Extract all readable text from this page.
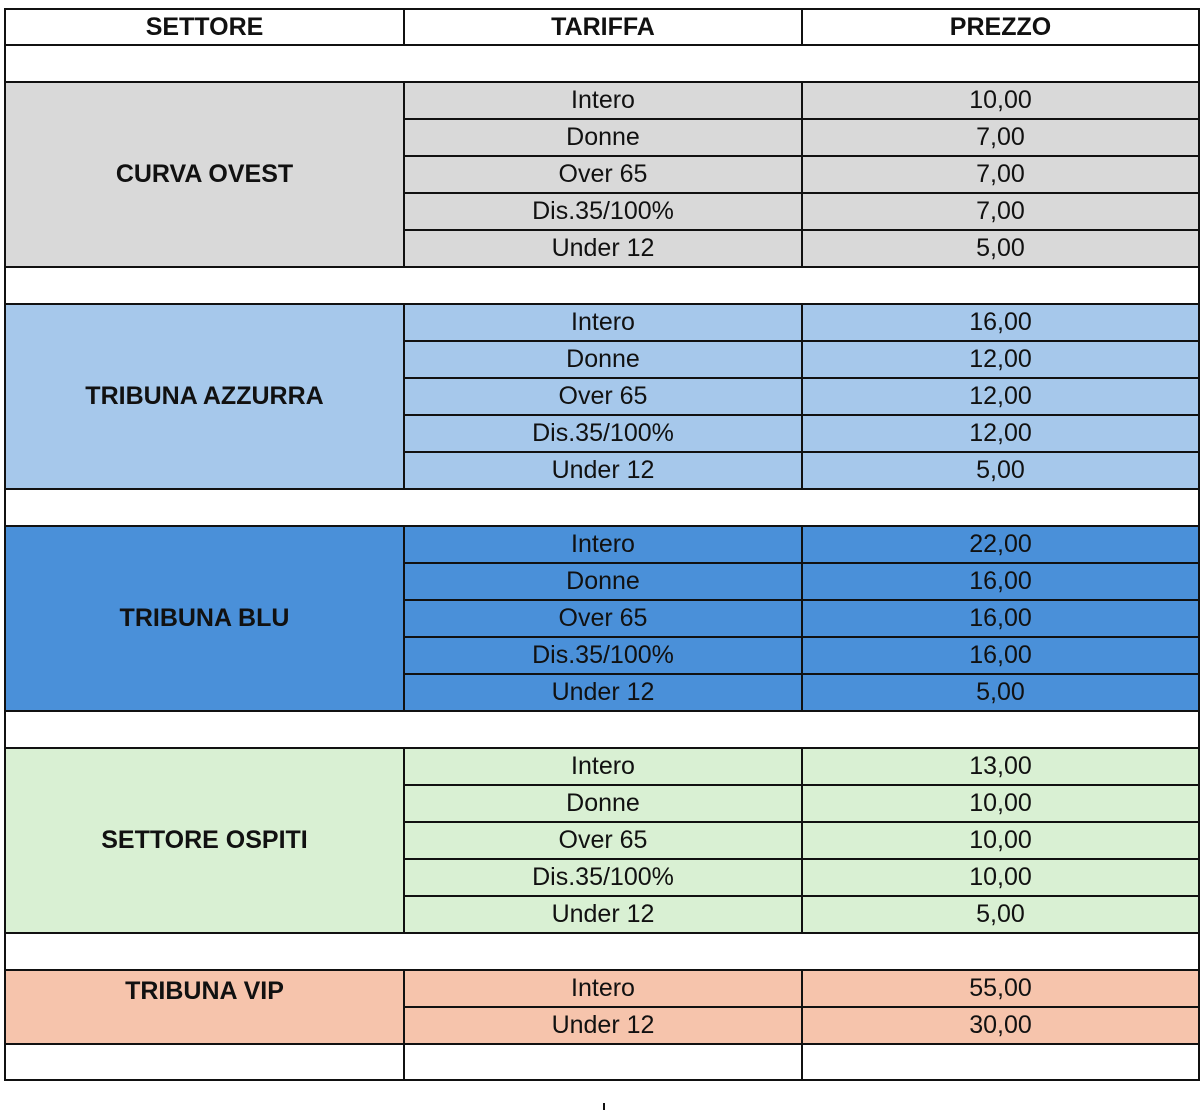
SETTORE	TARIFFA	PREZZO

CURVA OVEST	Intero	10,00
	Donne	7,00
	Over 65	7,00
	Dis.35/100%	7,00
	Under 12	5,00

TRIBUNA AZZURRA	Intero	16,00
	Donne	12,00
	Over 65	12,00
	Dis.35/100%	12,00
	Under 12	5,00

TRIBUNA BLU	Intero	22,00
	Donne	16,00
	Over 65	16,00
	Dis.35/100%	16,00
	Under 12	5,00

SETTORE OSPITI	Intero	13,00
	Donne	10,00
	Over 65	10,00
	Dis.35/100%	10,00
	Under 12	5,00

TRIBUNA VIP	Intero	55,00
	Under 12	30,00
